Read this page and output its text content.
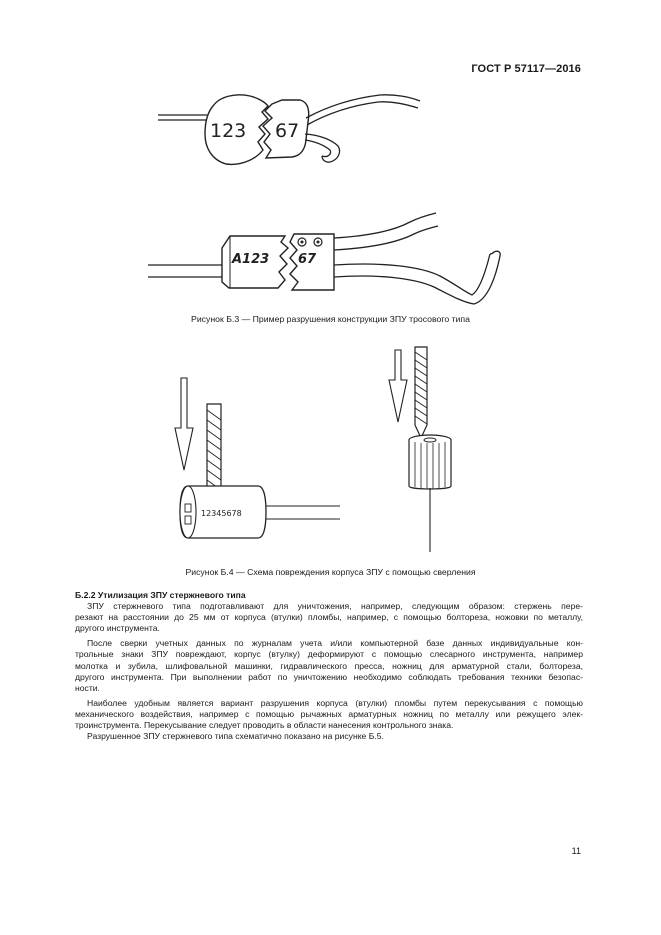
ГОСТ Р 57117—2016
123 67
A123 67
Рисунок Б.3 — Пример разрушения конструкции ЗПУ тросового типа
12345678
Рисунок Б.4 — Схема повреждения корпуса ЗПУ с помощью сверления
Б.2.2 Утилизация ЗПУ стержневого типа
ЗПУ стержневого типа подготавливают для уничтожения, например, следующим образом: стержень пере-
резают на расстоянии до 25 мм от корпуса (втулки) пломбы, например, с помощью болтореза, ножовки по металлу,
другого инструмента.
После сверки учетных данных по журналам учета и/или компьютерной базе данных индивидуальные кон-
трольные знаки ЗПУ повреждают, корпус (втулку) деформируют с помощью слесарного инструмента, например
молотка и зубила, шлифовальной машинки, гидравлического пресса, ножниц для арматурной стали, болтореза,
другого инструмента. При выполнении работ по уничтожению необходимо соблюдать требования техники безопас-
ности.
Наиболее удобным является вариант разрушения корпуса (втулки) пломбы путем перекусывания с помощью
механического воздействия, например с помощью рычажных арматурных ножниц по металлу или режущего элек-
троинструмента. Перекусывание следует проводить в области нанесения контрольного знака.
Разрушенное ЗПУ стержневого типа схематично показано на рисунке Б.5.
11
